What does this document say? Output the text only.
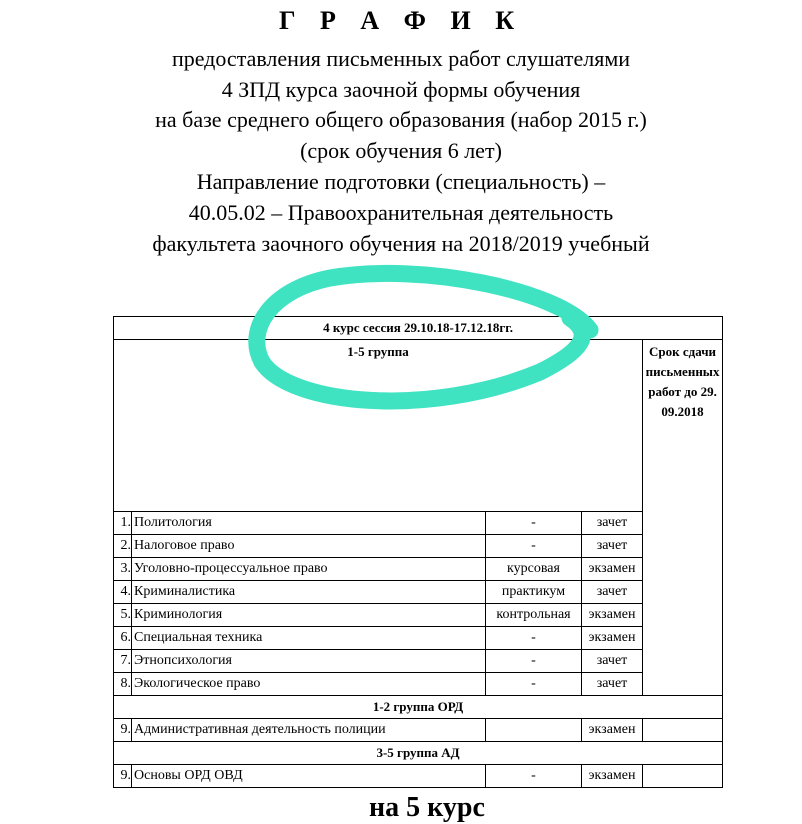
Г Р А Ф И К
предоставления письменных работ слушателями
4 ЗПД курса заочной формы обучения
на базе среднего общего образования (набор 2015 г.)
(срок обучения 6 лет)
Направление подготовки (специальность) –
40.05.02 – Правоохранительная деятельность
факультета заочного обучения на 2018/2019 учебный
4 курс сессия 29.10.18-17.12.18гг.				
1-5 группа				Срок сдачи письменных работ до 29.09.2018
1.	Политология	-	зачет	
2.	Налоговое право	-	зачет	
3.	Уголовно-процессуальное право	курсовая	экзамен	
4.	Криминалистика	практикум	зачет	
5.	Криминология	контрольная	экзамен	
6.	Специальная техника	-	экзамен	
7.	Этнопсихология	-	зачет	
8.	Экологическое право	-	зачет	
1-2 группа ОРД				
9.	Административная деятельность полиции		экзамен	
3-5 группа АД				
9.	Основы ОРД ОВД	-	экзамен	
на 5 курс
